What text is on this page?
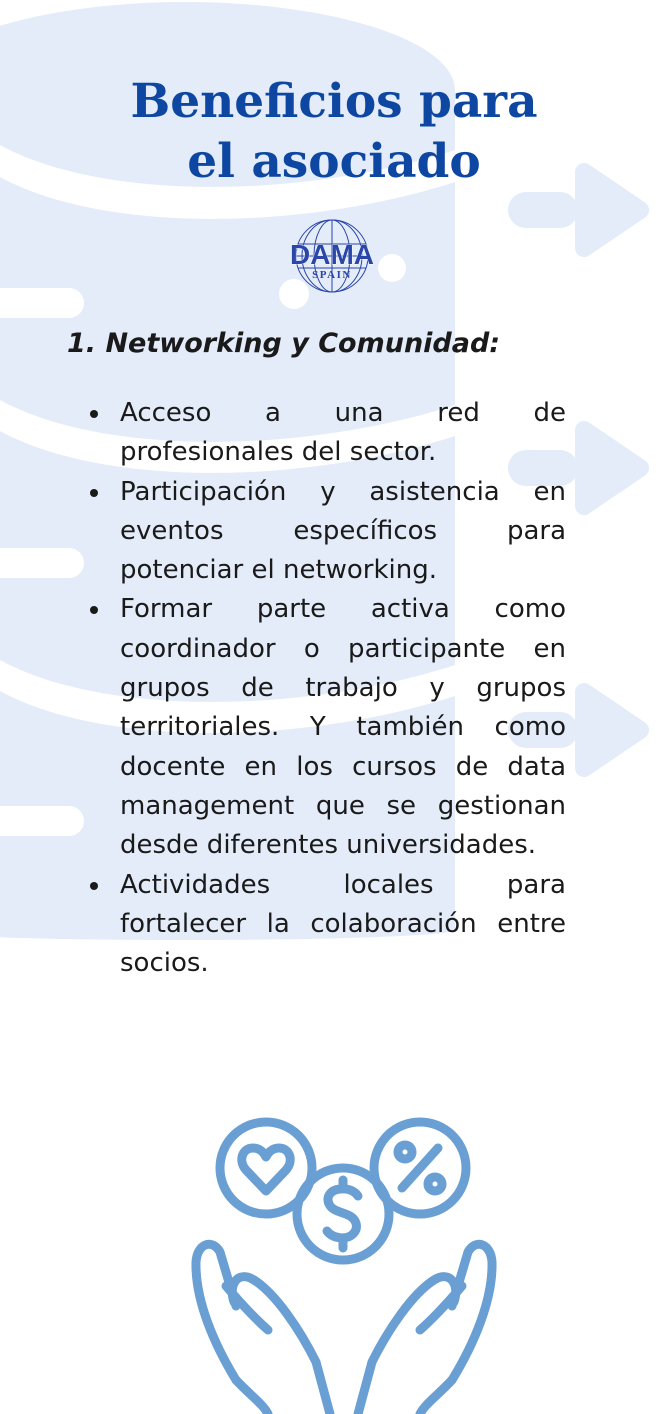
Beneficios para
el asociado
DAMA
SPAIN
1. Networking y Comunidad:
Acceso a una red de profesionales del sector.
Participación y asistencia en eventos específicos para potenciar el networking.
Formar parte activa como coordinador o participante en grupos de trabajo y grupos territoriales. Y también como docente en los cursos de data management que se gestionan desde diferentes universidades.
Actividades locales para fortalecer la colaboración entre socios.
